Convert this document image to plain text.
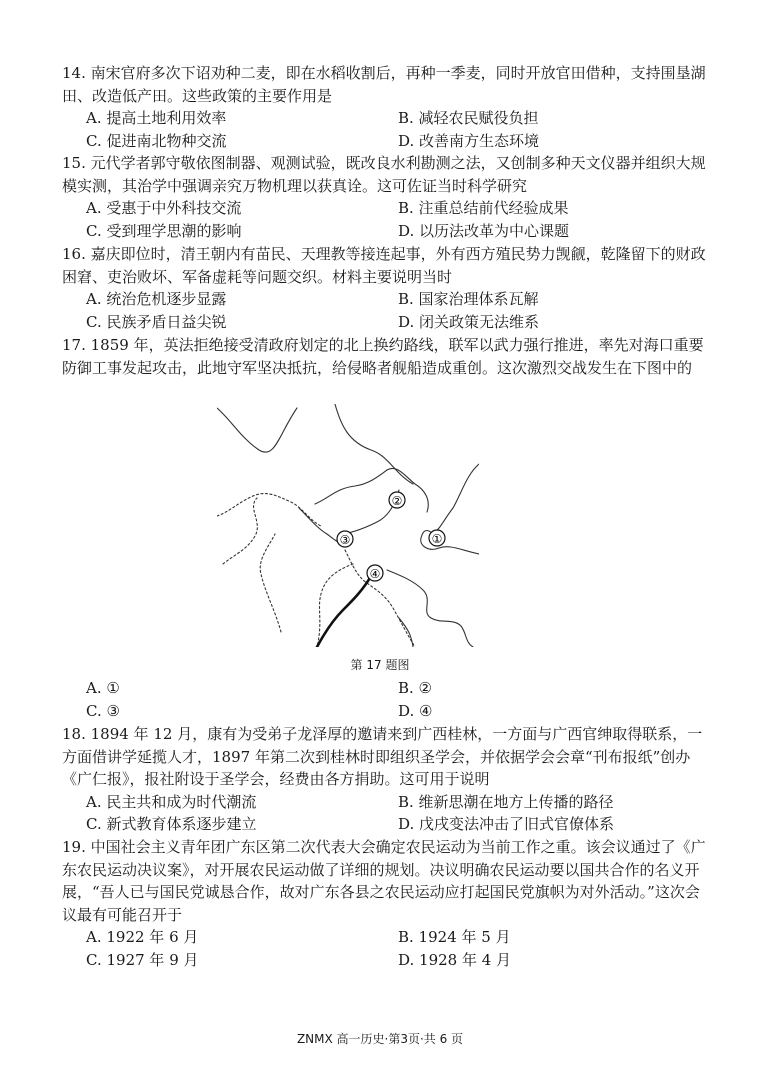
14. 南宋官府多次下诏劝种二麦，即在水稻收割后，再种一季麦，同时开放官田借种，支持围垦湖田、改造低产田。这些政策的主要作用是
A. 提高土地利用效率	B. 减轻农民赋役负担
C. 促进南北物种交流	D. 改善南方生态环境
15. 元代学者郭守敬依图制器、观测试验，既改良水利勘测之法，又创制多种天文仪器并组织大规模实测，其治学中强调亲究万物机理以获真诠。这可佐证当时科学研究
A. 受惠于中外科技交流	B. 注重总结前代经验成果
C. 受到理学思潮的影响	D. 以历法改革为中心课题
16. 嘉庆即位时，清王朝内有苗民、天理教等接连起事，外有西方殖民势力觊觎，乾隆留下的财政困窘、吏治败坏、军备虚耗等问题交织。材料主要说明当时
A. 统治危机逐步显露	B. 国家治理体系瓦解
C. 民族矛盾日益尖锐	D. 闭关政策无法维系
17. 1859 年，英法拒绝接受清政府划定的北上换约路线，联军以武力强行推进，率先对海口重要防御工事发起攻击，此地守军坚决抵抗，给侵略者舰船造成重创。这次激烈交战发生在下图中的
②
③	①
④
第 17 题图
A. ①	B. ②
C. ③	D. ④
18. 1894 年 12 月，康有为受弟子龙泽厚的邀请来到广西桂林，一方面与广西官绅取得联系，一方面借讲学延揽人才，1897 年第二次到桂林时即组织圣学会，并依据学会会章“刊布报纸”创办《广仁报》，报社附设于圣学会，经费由各方捐助。这可用于说明
A. 民主共和成为时代潮流	B. 维新思潮在地方上传播的路径
C. 新式教育体系逐步建立	D. 戊戌变法冲击了旧式官僚体系
19. 中国社会主义青年团广东区第二次代表大会确定农民运动为当前工作之重。该会议通过了《广东农民运动决议案》，对开展农民运动做了详细的规划。决议明确农民运动要以国共合作的名义开展，“吾人已与国民党诚恳合作，故对广东各县之农民运动应打起国民党旗帜为对外活动。”这次会议最有可能召开于
A. 1922 年 6 月	B. 1924 年 5 月
C. 1927 年 9 月	D. 1928 年 4 月
ZNMX 高一历史·第3页·共 6 页
